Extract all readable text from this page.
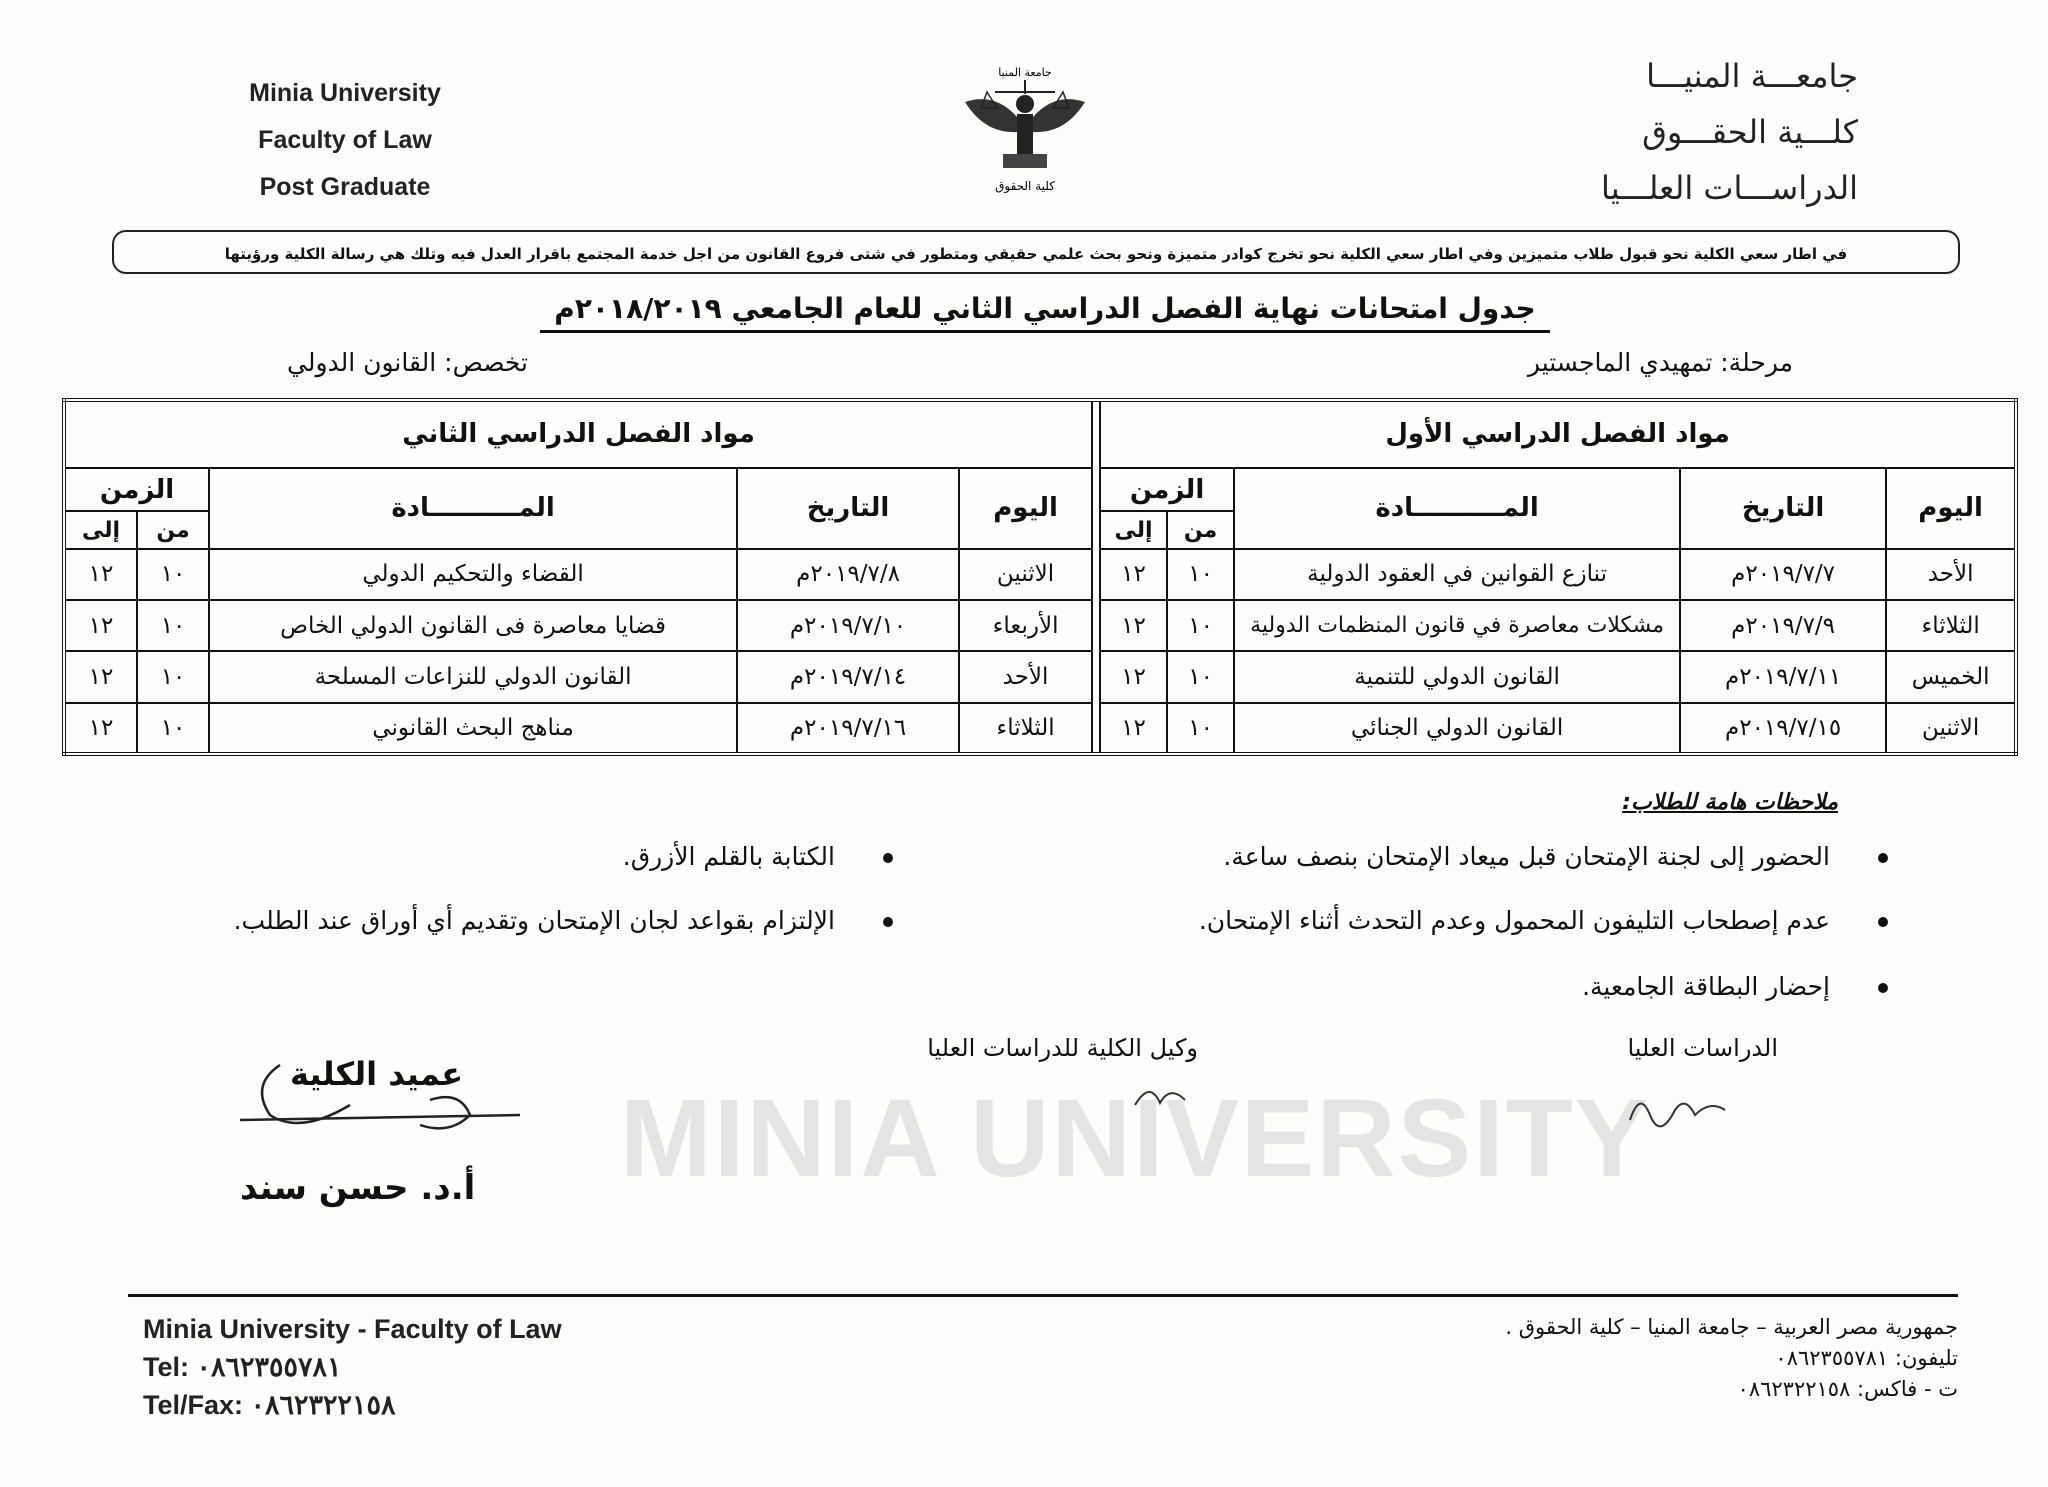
Minia University
Faculty of Law
Post Graduate
جامعة المنيا
كلية الحقوق
جامعـــة المنيـــا
كلـــية الحقـــوق
الدراســـات العلـــيا
في اطار سعي الكلية نحو قبول طلاب متميزين وفي اطار سعي الكلية نحو تخرج كوادر متميزة ونحو بحث علمي حقيقي ومتطور في شتى فروع القانون من اجل خدمة المجتمع باقرار العدل فيه وتلك هي رسالة الكلية ورؤيتها
جدول امتحانات نهاية الفصل الدراسي الثاني للعام الجامعي ٢٠١٨/٢٠١٩م
مرحلة: تمهيدي الماجستير
تخصص: القانون الدولي
مواد الفصل الدراسي الأول						مواد الفصل الدراسي الثاني				
اليوم	التاريخ	المــــــــــادة	الزمن			اليوم	التاريخ	المــــــــــادة	الزمن	
			من	إلى					من	إلى
الأحد	٢٠١٩/٧/٧م	تنازع القوانين في العقود الدولية	١٠	١٢		الاثنين	٢٠١٩/٧/٨م	القضاء والتحكيم الدولي	١٠	١٢
الثلاثاء	٢٠١٩/٧/٩م	مشكلات معاصرة في قانون المنظمات الدولية	١٠	١٢		الأربعاء	٢٠١٩/٧/١٠م	قضايا معاصرة فى القانون الدولي الخاص	١٠	١٢
الخميس	٢٠١٩/٧/١١م	القانون الدولي للتنمية	١٠	١٢		الأحد	٢٠١٩/٧/١٤م	القانون الدولي للنزاعات المسلحة	١٠	١٢
الاثنين	٢٠١٩/٧/١٥م	القانون الدولي الجنائي	١٠	١٢		الثلاثاء	٢٠١٩/٧/١٦م	مناهج البحث القانوني	١٠	١٢
MINIA UNIVERSITY
ملاحظات هامة للطلاب:
الحضور إلى لجنة الإمتحان قبل ميعاد الإمتحان بنصف ساعة.
الكتابة بالقلم الأزرق.
عدم إصطحاب التليفون المحمول وعدم التحدث أثناء الإمتحان.
الإلتزام بقواعد لجان الإمتحان وتقديم أي أوراق عند الطلب.
إحضار البطاقة الجامعية.
الدراسات العليا
وكيل الكلية للدراسات العليا
عميد الكلية
أ.د. حسن سند
Minia University - Faculty of Law
Tel: ٠٨٦٢٣٥٥٧٨١
Tel/Fax: ٠٨٦٢٣٢٢١٥٨
جمهورية مصر العربية – جامعة المنيا – كلية الحقوق .
تليفون: ٠٨٦٢٣٥٥٧٨١
ت - فاكس: ٠٨٦٢٣٢٢١٥٨
